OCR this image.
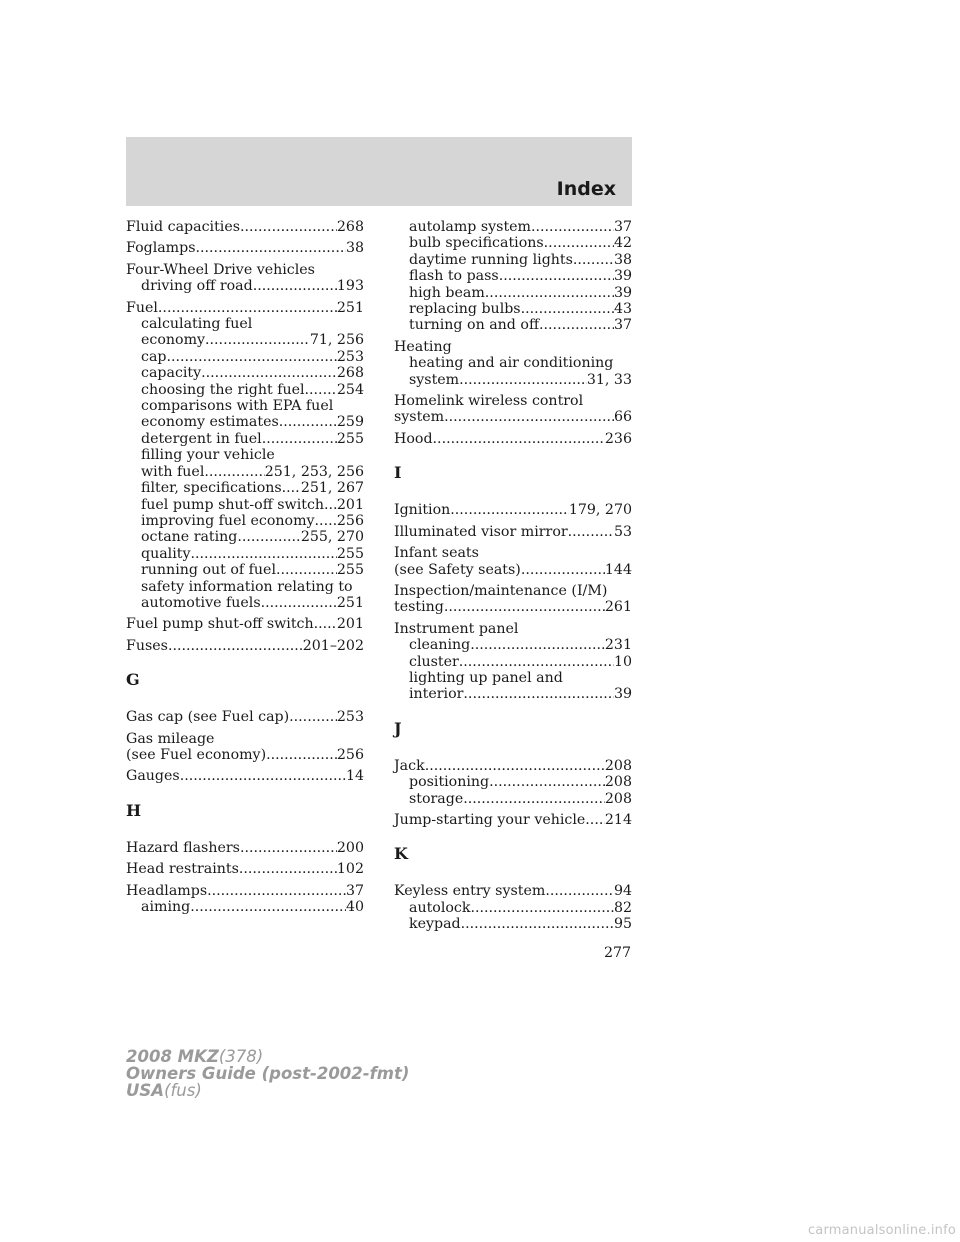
Index
Fluid capacities .....	268
Foglamps .....	38
Four-Wheel Drive vehicles
driving off road .....	193
Fuel .....	251
calculating fuel
economy .....	71, 256
cap .....	253
capacity .....	268
choosing the right fuel ..... 254
comparisons with EPA fuel
economy estimates .....	259
detergent in fuel .....	255
filling your vehicle
with fuel .....	251, 253, 256
filter, specifications ..... 251, 267
fuel pump shut-off switch ..... 201
improving fuel economy ..... 256
octane rating .....	255, 270
quality .....	255
running out of fuel .....	255
safety information relating to
automotive fuels .....	251
Fuel pump shut-off switch ..... 201
Fuses .....	201–202
G
Gas cap (see Fuel cap) .....	253
Gas mileage
(see Fuel economy) .....	256
Gauges .....	14
H
Hazard flashers .....	200
Head restraints .....	102
Headlamps .....	37
aiming .....	40
autolamp system .....	37
bulb specifications .....	42
daytime running lights .....	38
flash to pass .....	39
high beam .....	39
replacing bulbs .....	43
turning on and off .....	37
Heating
heating and air conditioning
system .....	31, 33
Homelink wireless control
system .....	66
Hood .....	236
I
Ignition .....	179, 270
Illuminated visor mirror .....	53
Infant seats
(see Safety seats) .....	144
Inspection/maintenance (I/M)
testing .....	261
Instrument panel
cleaning .....	231
cluster .....	10
lighting up panel and
interior .....	39
J
Jack .....	208
positioning .....	208
storage .....	208
Jump-starting your vehicle ..... 214
K
Keyless entry system .....	94
autolock .....	82
keypad .....	95
277
2008 MKZ(378)
Owners Guide (post-2002-fmt)
USA(fus)
carmanualsonline.info
